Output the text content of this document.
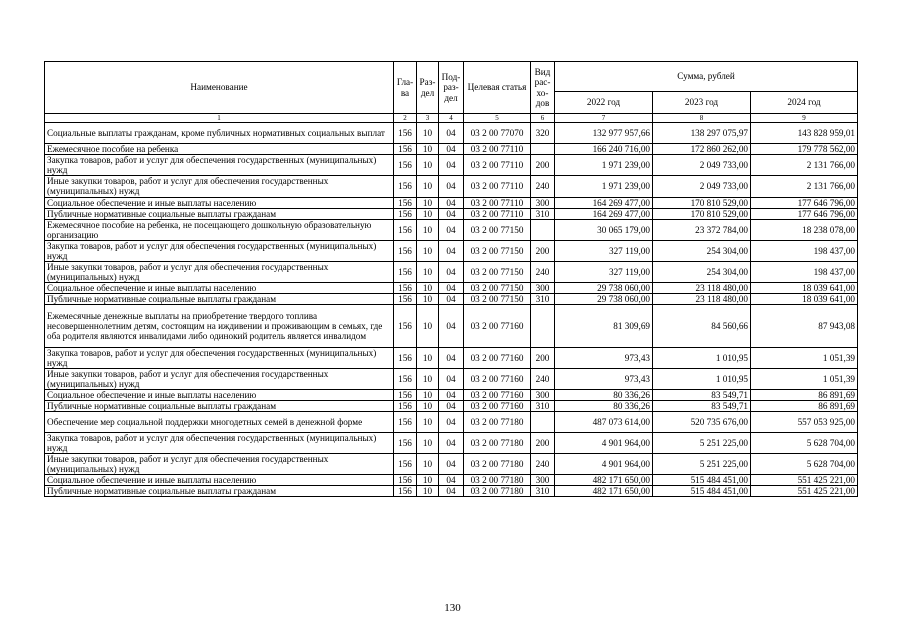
Наименование	Гла-ва	Раз-дел	Под-раз-дел	Целевая статья	Вид рас-хо-дов	Сумма, рублей		
						2022 год	2023 год	2024 год
1	2	3	4	5	6	7	8	9
Социальные выплаты гражданам, кроме публичных нормативных социальных выплат	156	10	04	03 2 00 77070	320	132 977 957,66	138 297 075,97	143 828 959,01
Ежемесячное пособие на ребенка	156	10	04	03 2 00 77110		166 240 716,00	172 860 262,00	179 778 562,00
Закупка товаров, работ и услуг для обеспечения государственных (муниципальных) нужд	156	10	04	03 2 00 77110	200	1 971 239,00	2 049 733,00	2 131 766,00
Иные закупки товаров, работ и услуг для обеспечения государственных (муниципальных) нужд	156	10	04	03 2 00 77110	240	1 971 239,00	2 049 733,00	2 131 766,00
Социальное обеспечение и иные выплаты населению	156	10	04	03 2 00 77110	300	164 269 477,00	170 810 529,00	177 646 796,00
Публичные нормативные социальные выплаты гражданам	156	10	04	03 2 00 77110	310	164 269 477,00	170 810 529,00	177 646 796,00
Ежемесячное пособие на ребенка, не посещающего дошкольную образовательную организацию	156	10	04	03 2 00 77150		30 065 179,00	23 372 784,00	18 238 078,00
Закупка товаров, работ и услуг для обеспечения государственных (муниципальных) нужд	156	10	04	03 2 00 77150	200	327 119,00	254 304,00	198 437,00
Иные закупки товаров, работ и услуг для обеспечения государственных (муниципальных) нужд	156	10	04	03 2 00 77150	240	327 119,00	254 304,00	198 437,00
Социальное обеспечение и иные выплаты населению	156	10	04	03 2 00 77150	300	29 738 060,00	23 118 480,00	18 039 641,00
Публичные нормативные социальные выплаты гражданам	156	10	04	03 2 00 77150	310	29 738 060,00	23 118 480,00	18 039 641,00
Ежемесячные денежные выплаты на приобретение твердого топлива несовершеннолетним детям, состоящим на иждивении и проживающим в семьях, где оба родителя являются инвалидами либо одинокий родитель является инвалидом	156	10	04	03 2 00 77160		81 309,69	84 560,66	87 943,08
Закупка товаров, работ и услуг для обеспечения государственных (муниципальных) нужд	156	10	04	03 2 00 77160	200	973,43	1 010,95	1 051,39
Иные закупки товаров, работ и услуг для обеспечения государственных (муниципальных) нужд	156	10	04	03 2 00 77160	240	973,43	1 010,95	1 051,39
Социальное обеспечение и иные выплаты населению	156	10	04	03 2 00 77160	300	80 336,26	83 549,71	86 891,69
Публичные нормативные социальные выплаты гражданам	156	10	04	03 2 00 77160	310	80 336,26	83 549,71	86 891,69
Обеспечение мер социальной поддержки многодетных семей в денежной форме	156	10	04	03 2 00 77180		487 073 614,00	520 735 676,00	557 053 925,00
Закупка товаров, работ и услуг для обеспечения государственных (муниципальных) нужд	156	10	04	03 2 00 77180	200	4 901 964,00	5 251 225,00	5 628 704,00
Иные закупки товаров, работ и услуг для обеспечения государственных (муниципальных) нужд	156	10	04	03 2 00 77180	240	4 901 964,00	5 251 225,00	5 628 704,00
Социальное обеспечение и иные выплаты населению	156	10	04	03 2 00 77180	300	482 171 650,00	515 484 451,00	551 425 221,00
Публичные нормативные социальные выплаты гражданам	156	10	04	03 2 00 77180	310	482 171 650,00	515 484 451,00	551 425 221,00
130
